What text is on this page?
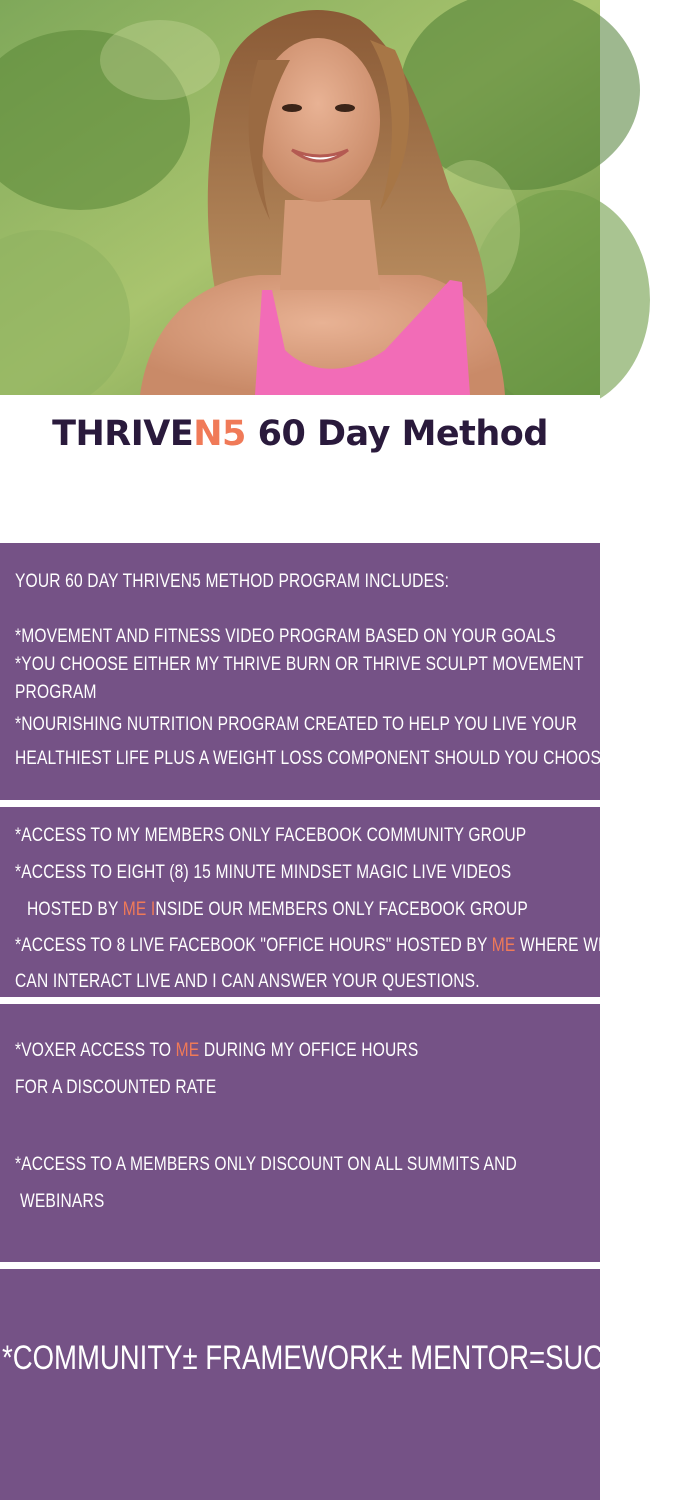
THRIVEN5 60 Day Method
YOUR 60 DAY THRIVEN5 METHOD PROGRAM INCLUDES:
*MOVEMENT AND FITNESS VIDEO PROGRAM BASED ON YOUR GOALS
*YOU CHOOSE EITHER MY THRIVE BURN OR THRIVE SCULPT MOVEMENT
PROGRAM
*NOURISHING NUTRITION PROGRAM CREATED TO HELP YOU LIVE YOUR
HEALTHIEST LIFE PLUS A WEIGHT LOSS COMPONENT SHOULD YOU CHOOSE
*ACCESS TO MY MEMBERS ONLY FACEBOOK COMMUNITY GROUP
*ACCESS TO EIGHT (8) 15 MINUTE MINDSET MAGIC LIVE VIDEOS
HOSTED BY ME INSIDE OUR MEMBERS ONLY FACEBOOK GROUP
*ACCESS TO 8 LIVE FACEBOOK "OFFICE HOURS" HOSTED BY ME WHERE WE
CAN INTERACT LIVE AND I CAN ANSWER YOUR QUESTIONS.
*VOXER ACCESS TO ME DURING MY OFFICE HOURS
FOR A DISCOUNTED RATE
*ACCESS TO A MEMBERS ONLY DISCOUNT ON ALL SUMMITS AND
WEBINARS
*COMMUNITY± FRAMEWORK± MENTOR=SUCCESS
